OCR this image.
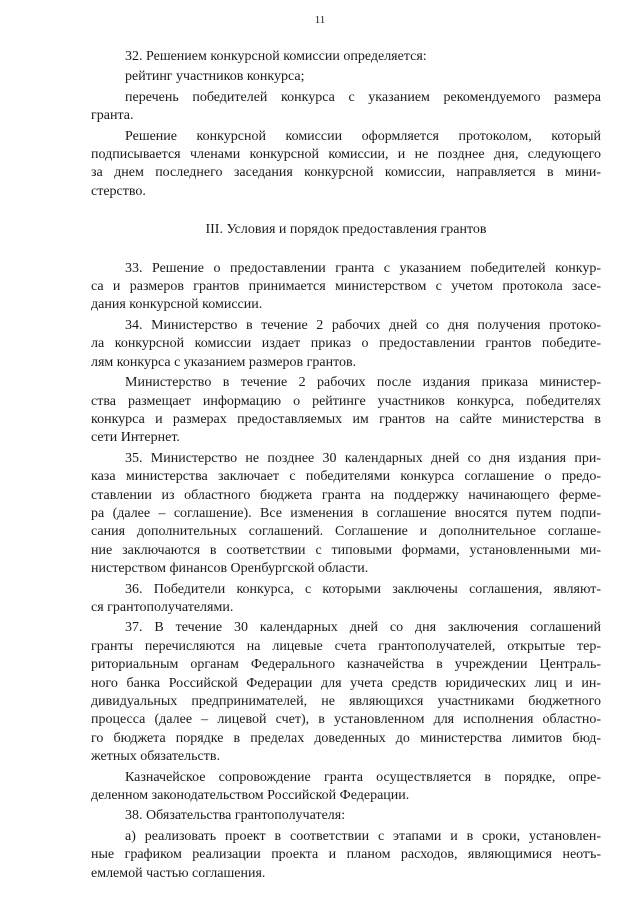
11
32. Решением конкурсной комиссии определяется:
рейтинг участников конкурса;
перечень победителей конкурса с указанием рекомендуемого размера
гранта.
Решение конкурсной комиссии оформляется протоколом, который
подписывается членами конкурсной комиссии, и не позднее дня, следующего
за днем последнего заседания конкурсной комиссии, направляется в мини-
стерство.
III. Условия и порядок предоставления грантов
33. Решение о предоставлении гранта с указанием победителей конкур-
са и размеров грантов принимается министерством с учетом протокола засе-
дания конкурсной комиссии.
34. Министерство в течение 2 рабочих дней со дня получения протоко-
ла конкурсной комиссии издает приказ о предоставлении грантов победите-
лям конкурса с указанием размеров грантов.
Министерство в течение 2 рабочих после издания приказа министер-
ства размещает информацию о рейтинге участников конкурса, победителях
конкурса и размерах предоставляемых им грантов на сайте министерства в
сети Интернет.
35. Министерство не позднее 30 календарных дней со дня издания при-
каза министерства заключает с победителями конкурса соглашение о предо-
ставлении из областного бюджета гранта на поддержку начинающего ферме-
ра (далее – соглашение). Все изменения в соглашение вносятся путем подпи-
сания дополнительных соглашений. Соглашение и дополнительное соглаше-
ние заключаются в соответствии с типовыми формами, установленными ми-
нистерством финансов Оренбургской области.
36. Победители конкурса, с которыми заключены соглашения, являют-
ся грантополучателями.
37. В течение 30 календарных дней со дня заключения соглашений
гранты перечисляются на лицевые счета грантополучателей, открытые тер-
риториальным органам Федерального казначейства в учреждении Централь-
ного банка Российской Федерации для учета средств юридических лиц и ин-
дивидуальных предпринимателей, не являющихся участниками бюджетного
процесса (далее – лицевой счет), в установленном для исполнения областно-
го бюджета порядке в пределах доведенных до министерства лимитов бюд-
жетных обязательств.
Казначейское сопровождение гранта осуществляется в порядке, опре-
деленном законодательством Российской Федерации.
38. Обязательства грантополучателя:
а) реализовать проект в соответствии с этапами и в сроки, установлен-
ные графиком реализации проекта и планом расходов, являющимися неотъ-
емлемой частью соглашения.
